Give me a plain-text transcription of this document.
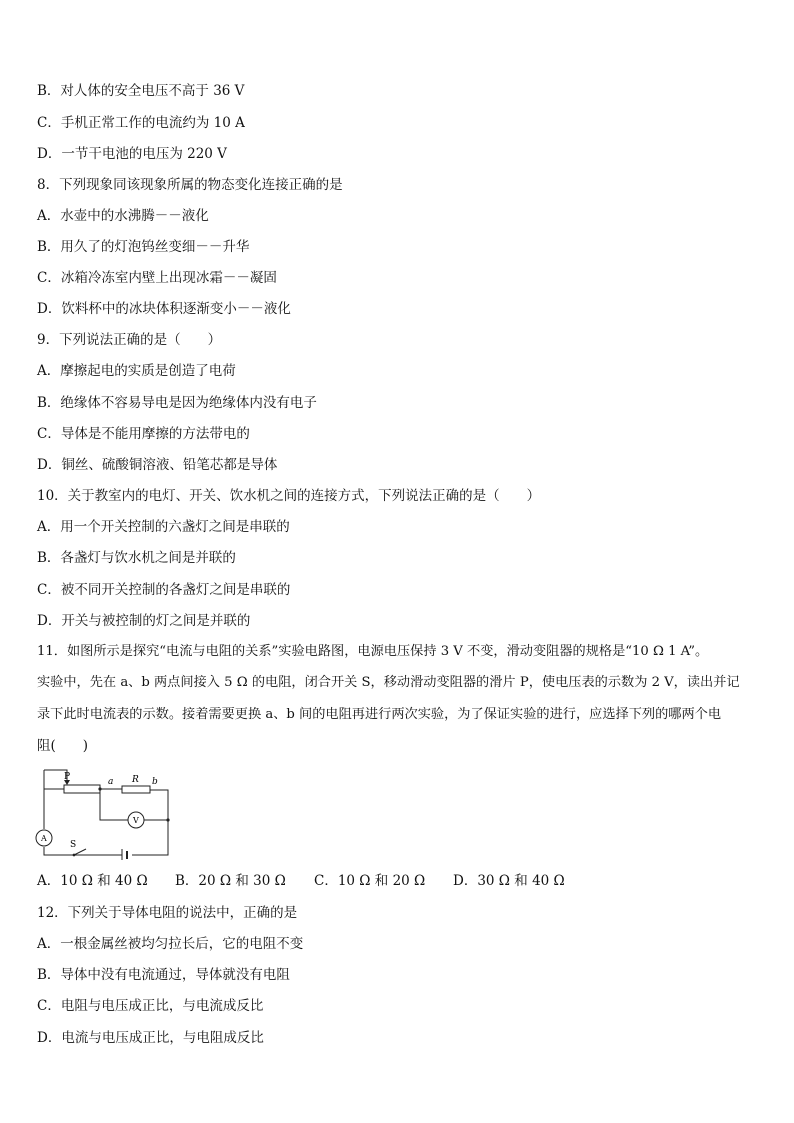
B．对人体的安全电压不高于 36 V
C．手机正常工作的电流约为 10 A
D．一节干电池的电压为 220 V
8．下列现象同该现象所属的物态变化连接正确的是
A．水壶中的水沸腾－－液化
B．用久了的灯泡钨丝变细－－升华
C．冰箱冷冻室内壁上出现冰霜－－凝固
D．饮料杯中的冰块体积逐渐变小－－液化
9．下列说法正确的是（　　）
A．摩擦起电的实质是创造了电荷
B．绝缘体不容易导电是因为绝缘体内没有电子
C．导体是不能用摩擦的方法带电的
D．铜丝、硫酸铜溶液、铅笔芯都是导体
10．关于教室内的电灯、开关、饮水机之间的连接方式，下列说法正确的是（　　）
A．用一个开关控制的六盏灯之间是串联的
B．各盏灯与饮水机之间是并联的
C．被不同开关控制的各盏灯之间是串联的
D．开关与被控制的灯之间是并联的
11．如图所示是探究“电流与电阻的关系”实验电路图，电源电压保持 3 V 不变，滑动变阻器的规格是“10 Ω 1 A”。
实验中，先在 a、b 两点间接入 5 Ω 的电阻，闭合开关 S，移动滑动变阻器的滑片 P，使电压表的示数为 2 V，读出并记
录下此时电流表的示数。接着需要更换 a、b 间的电阻再进行两次实验，为了保证实验的进行，应选择下列的哪两个电
阻(　　)
P	a R b
A
V
S
A．10 Ω 和 40 Ω B．20 Ω 和 30 Ω C．10 Ω 和 20 Ω D．30 Ω 和 40 Ω
12．下列关于导体电阻的说法中，正确的是
A．一根金属丝被均匀拉长后，它的电阻不变
B．导体中没有电流通过，导体就没有电阻
C．电阻与电压成正比，与电流成反比
D．电流与电压成正比，与电阻成反比
